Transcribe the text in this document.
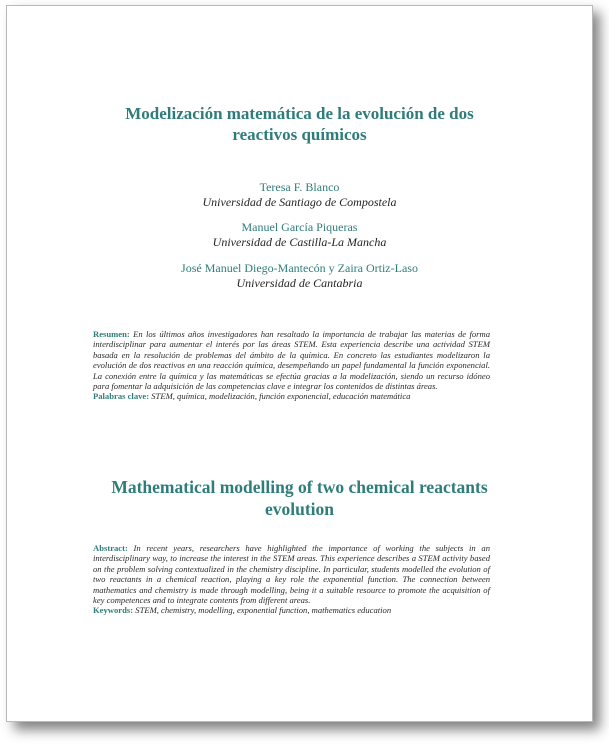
Modelización matemática de la evolución de dos
reactivos químicos
Teresa F. Blanco
Universidad de Santiago de Compostela
Manuel García Piqueras
Universidad de Castilla-La Mancha
José Manuel Diego-Mantecón y Zaira Ortiz-Laso
Universidad de Cantabria
Resumen: En los últimos años investigadores han resaltado la importancia de trabajar las materias de forma interdisciplinar para aumentar el interés por las áreas STEM. Esta experiencia describe una actividad STEM basada en la resolución de problemas del ámbito de la química. En concreto las estudiantes modelizaron la evolución de dos reactivos en una reacción química, desempeñando un papel fundamental la función exponencial. La conexión entre la química y las matemáticas se efectúa gracias a la modelización, siendo un recurso idóneo para fomentar la adquisición de las competencias clave e integrar los contenidos de distintas áreas.
Palabras clave: STEM, química, modelización, función exponencial, educación matemática
Mathematical modelling of two chemical reactants
evolution
Abstract: In recent years, researchers have highlighted the importance of working the subjects in an interdisciplinary way, to increase the interest in the STEM areas. This experience describes a STEM activity based on the problem solving contextualized in the chemistry discipline. In particular, students modelled the evolution of two reactants in a chemical reaction, playing a key role the exponential function. The connection between mathematics and chemistry is made through modelling, being it a suitable resource to promote the acquisition of key competences and to integrate contents from different areas.
Keywords: STEM, chemistry, modelling, exponential function, mathematics education
